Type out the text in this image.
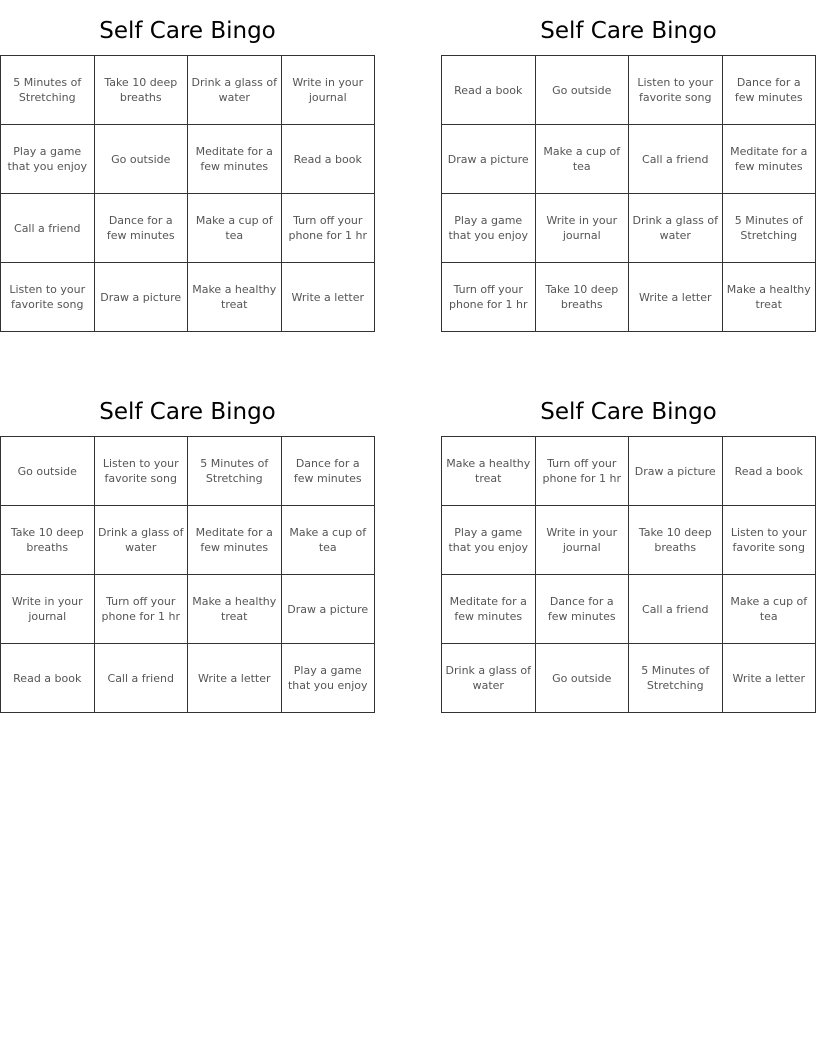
Self Care Bingo
5 Minutes of Stretching	Take 10 deep breaths	Drink a glass of water	Write in your journal
Play a game that you enjoy	Go outside	Meditate for a few minutes	Read a book
Call a friend	Dance for a few minutes	Make a cup of tea	Turn off your phone for 1 hr
Listen to your favorite song	Draw a picture	Make a healthy treat	Write a letter
Self Care Bingo
Read a book	Go outside	Listen to your favorite song	Dance for a few minutes
Draw a picture	Make a cup of tea	Call a friend	Meditate for a few minutes
Play a game that you enjoy	Write in your journal	Drink a glass of water	5 Minutes of Stretching
Turn off your phone for 1 hr	Take 10 deep breaths	Write a letter	Make a healthy treat
Self Care Bingo
Go outside	Listen to your favorite song	5 Minutes of Stretching	Dance for a few minutes
Take 10 deep breaths	Drink a glass of water	Meditate for a few minutes	Make a cup of tea
Write in your journal	Turn off your phone for 1 hr	Make a healthy treat	Draw a picture
Read a book	Call a friend	Write a letter	Play a game that you enjoy
Self Care Bingo
Make a healthy treat	Turn off your phone for 1 hr	Draw a picture	Read a book
Play a game that you enjoy	Write in your journal	Take 10 deep breaths	Listen to your favorite song
Meditate for a few minutes	Dance for a few minutes	Call a friend	Make a cup of tea
Drink a glass of water	Go outside	5 Minutes of Stretching	Write a letter
